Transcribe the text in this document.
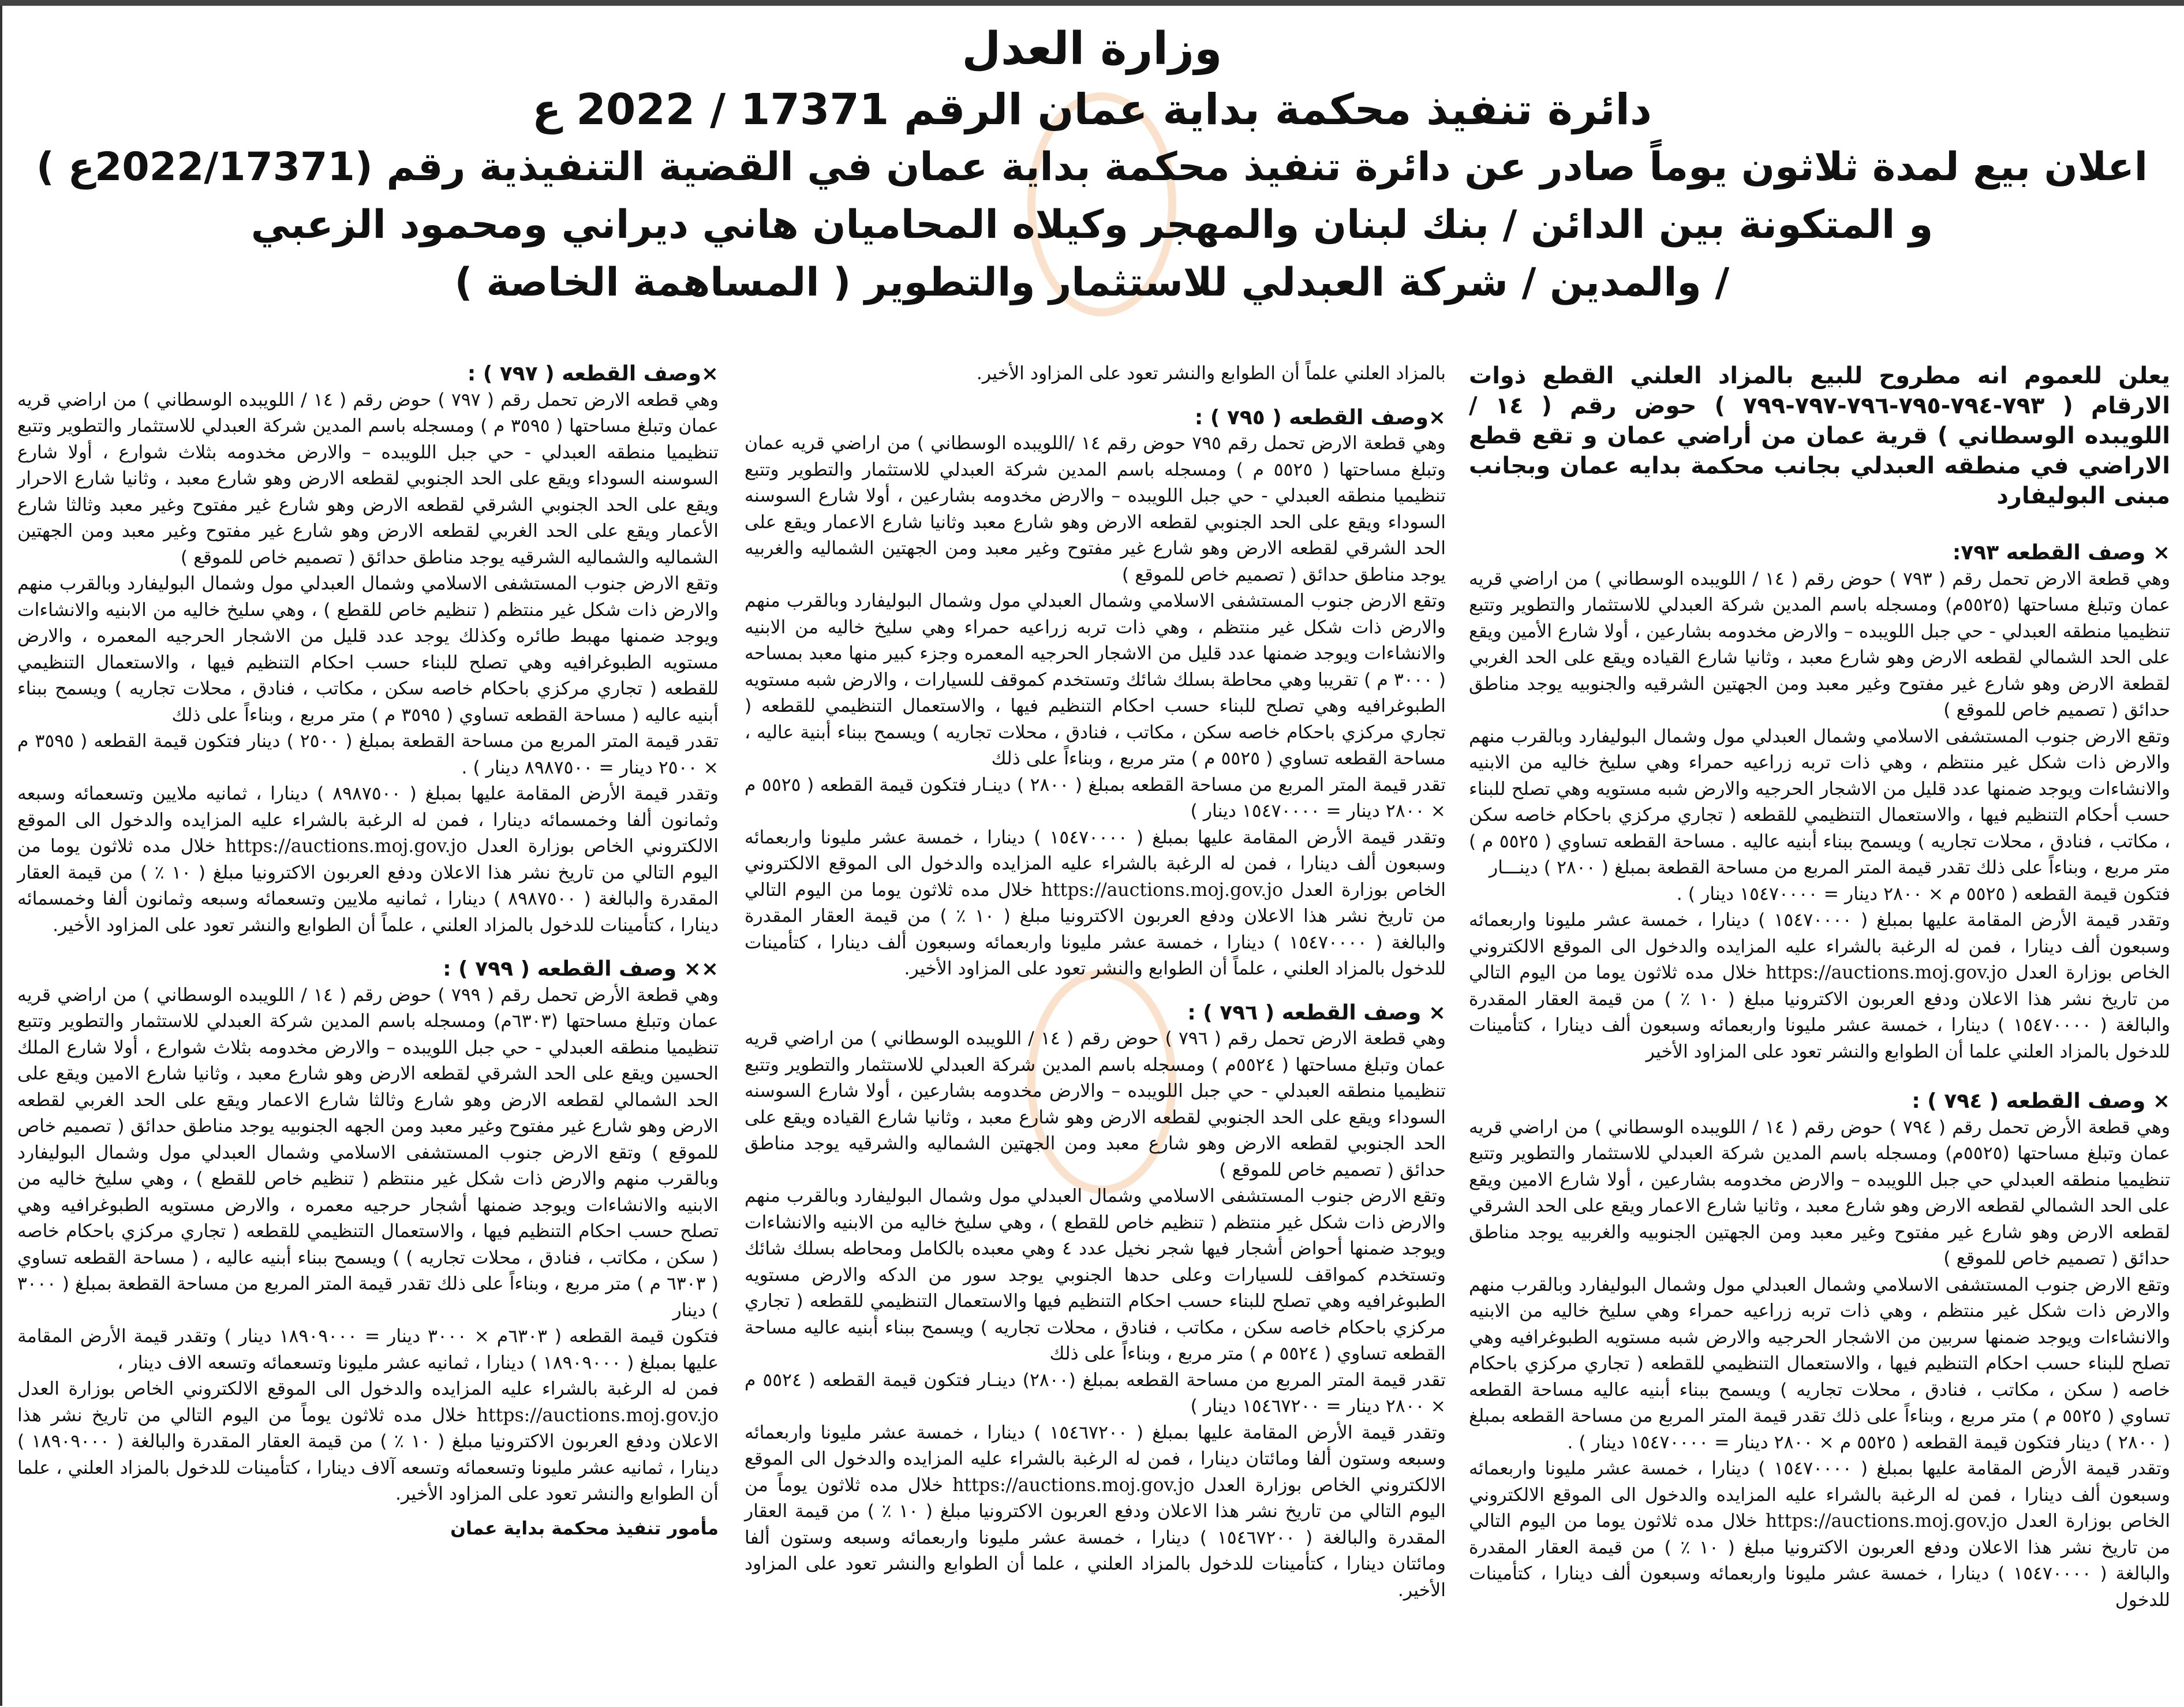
وزارة العدل
دائرة تنفيذ محكمة بداية عمان الرقم 17371 / 2022 ع
اعلان بيع لمدة ثلاثون يوماً صادر عن دائرة تنفيذ محكمة بداية عمان في القضية التنفيذية رقم (2022/17371ع )
و المتكونة بين الدائن / بنك لبنان والمهجر وكيلاه المحاميان هاني ديراني ومحمود الزعبي
/ والمدين / شركة العبدلي للاستثمار والتطوير ( المساهمة الخاصة )

يعلن للعموم انه مطروح للبيع بالمزاد العلني القطع ذوات الارقام ( ٧٩٣-٧٩٤-٧٩٥-٧٩٦-٧٩٧-٧٩٩ ) حوض رقم ( ١٤ / اللويبده الوسطاني ) قرية عمان من أراضي عمان و تقع قطع الاراضي في منطقه العبدلي بجانب محكمة بدايه عمان وبجانب مبنى البوليفارد

× وصف القطعه ٧٩٣:

وهي قطعة الارض تحمل رقم ( ٧٩٣ ) حوض رقم ( ١٤ / اللويبده الوسطاني ) من اراضي قريه عمان وتبلغ مساحتها (٥٥٢٥م) ومسجله باسم المدين شركة العبدلي للاستثمار والتطوير وتتبع تنظيميا منطقه العبدلي - حي جبل اللويبده – والارض مخدومه بشارعين ، أولا شارع الأمين ويقع على الحد الشمالي لقطعه الارض وهو شارع معبد ، وثانيا شارع القياده ويقع على الحد الغربي لقطعة الارض وهو شارع غير مفتوح وغير معبد ومن الجهتين الشرقيه والجنوبيه يوجد مناطق حدائق ( تصميم خاص للموقع )

وتقع الارض جنوب المستشفى الاسلامي وشمال العبدلي مول وشمال البوليفارد وبالقرب منهم والارض ذات شكل غير منتظم ، وهي ذات تربه زراعيه حمراء وهي سليخ خاليه من الابنيه والانشاءات ويوجد ضمنها عدد قليل من الاشجار الحرجيه والارض شبه مستويه وهي تصلح للبناء حسب أحكام التنظيم فيها ، والاستعمال التنظيمي للقطعه ( تجاري مركزي باحكام خاصه سكن ، مكاتب ، فنادق ، محلات تجاريه ) ويسمح ببناء أبنيه عاليه . مساحة القطعه تساوي ( ٥٥٢٥ م ) متر مربع ، وبناءاً على ذلك تقدر قيمة المتر المربع من مساحة القطعة بمبلغ ( ٢٨٠٠ ) دينـــار

فتكون قيمة القطعه ( ٥٥٢٥ م × ٢٨٠٠ دينار = ١٥٤٧٠٠٠٠ دينار ) .

وتقدر قيمة الأرض المقامة عليها بمبلغ ( ١٥٤٧٠٠٠٠ ) دينارا ، خمسة عشر مليونا واربعمائه وسبعون ألف دينارا ، فمن له الرغبة بالشراء عليه المزايده والدخول الى الموقع الالكتروني الخاص بوزارة العدل https://auctions.moj.gov.jo خلال مده ثلاثون يوما من اليوم التالي من تاريخ نشر هذا الاعلان ودفع العربون الاكترونيا مبلغ ( ١٠ ٪ ) من قيمة العقار المقدرة والبالغة ( ١٥٤٧٠٠٠٠ ) دينارا ، خمسة عشر مليونا واربعمائه وسبعون ألف دينارا ، كتأمينات للدخول بالمزاد العلني علما أن الطوابع والنشر تعود على المزاود الأخير

× وصف القطعه ( ٧٩٤ ) :

وهي قطعة الأرض تحمل رقم ( ٧٩٤ ) حوض رقم ( ١٤ / اللويبده الوسطاني ) من اراضي قريه عمان وتبلغ مساحتها (٥٥٢٥م) ومسجله باسم المدين شركة العبدلي للاستثمار والتطوير وتتبع تنظيميا منطقه العبدلي حي جبل اللويبده – والارض مخدومه بشارعين ، أولا شارع الامين ويقع على الحد الشمالي لقطعه الارض وهو شارع معبد ، وثانيا شارع الاعمار ويقع على الحد الشرقي لقطعه الارض وهو شارع غير مفتوح وغير معبد ومن الجهتين الجنوبيه والغربيه يوجد مناطق حدائق ( تصميم خاص للموقع )

وتقع الارض جنوب المستشفى الاسلامي وشمال العبدلي مول وشمال البوليفارد وبالقرب منهم والارض ذات شكل غير منتظم ، وهي ذات تربه زراعيه حمراء وهي سليخ خاليه من الابنيه والانشاءات ويوجد ضمنها سربين من الاشجار الحرجيه والارض شبه مستويه الطبوغرافيه وهي تصلح للبناء حسب احكام التنظيم فيها ، والاستعمال التنظيمي للقطعه ( تجاري مركزي باحكام خاصه ( سكن ، مكاتب ، فنادق ، محلات تجاريه ) ويسمح ببناء أبنيه عاليه مساحة القطعه تساوي ( ٥٥٢٥ م ) متر مربع ، وبناءاً على ذلك تقدر قيمة المتر المربع من مساحة القطعه بمبلغ ( ٢٨٠٠ ) دينار فتكون قيمة القطعه ( ٥٥٢٥ م × ٢٨٠٠ دينار = ١٥٤٧٠٠٠٠ دينار ) .

وتقدر قيمة الأرض المقامة عليها بمبلغ ( ١٥٤٧٠٠٠٠ ) دينارا ، خمسة عشر مليونا واربعمائه وسبعون ألف دينارا ، فمن له الرغبة بالشراء عليه المزايده والدخول الى الموقع الالكتروني الخاص بوزارة العدل https://auctions.moj.gov.jo خلال مده ثلاثون يوما من اليوم التالي من تاريخ نشر هذا الاعلان ودفع العربون الاكترونيا مبلغ ( ١٠ ٪ ) من قيمة العقار المقدرة والبالغة ( ١٥٤٧٠٠٠٠ ) دينارا ، خمسة عشر مليونا واربعمائه وسبعون ألف دينارا ، كتأمينات للدخول

بالمزاد العلني علماً أن الطوابع والنشر تعود على المزاود الأخير.

×وصف القطعه ( ٧٩٥ ) :

وهي قطعة الارض تحمل رقم ٧٩٥ حوض رقم ١٤ /اللويبده الوسطاني ) من اراضي قريه عمان وتبلغ مساحتها ( ٥٥٢٥ م ) ومسجله باسم المدين شركة العبدلي للاستثمار والتطوير وتتبع تنظيميا منطقه العبدلي - حي جبل اللويبده – والارض مخدومه بشارعين ، أولا شارع السوسنه السوداء ويقع على الحد الجنوبي لقطعه الارض وهو شارع معبد وثانيا شارع الاعمار ويقع على الحد الشرقي لقطعه الارض وهو شارع غير مفتوح وغير معبد ومن الجهتين الشماليه والغربيه يوجد مناطق حدائق ( تصميم خاص للموقع )

وتقع الارض جنوب المستشفى الاسلامي وشمال العبدلي مول وشمال البوليفارد وبالقرب منهم والارض ذات شكل غير منتظم ، وهي ذات تربه زراعيه حمراء وهي سليخ خاليه من الابنيه والانشاءات ويوجد ضمنها عدد قليل من الاشجار الحرجيه المعمره وجزء كبير منها معبد بمساحه ( ٣٠٠٠ م ) تقريبا وهي محاطة بسلك شائك وتستخدم كموقف للسيارات ، والارض شبه مستويه الطبوغرافيه وهي تصلح للبناء حسب احكام التنظيم فيها ، والاستعمال التنظيمي للقطعه ( تجاري مركزي باحكام خاصه سكن ، مكاتب ، فنادق ، محلات تجاريه ) ويسمح ببناء أبنية عاليه ، مساحة القطعه تساوي ( ٥٥٢٥ م ) متر مربع ، وبناءاً على ذلك

تقدر قيمة المتر المربع من مساحة القطعه بمبلغ ( ٢٨٠٠ ) دينـار فتكون قيمة القطعه ( ٥٥٢٥ م × ٢٨٠٠ دينار = ١٥٤٧٠٠٠٠ دينار )

وتقدر قيمة الأرض المقامة عليها بمبلغ ( ١٥٤٧٠٠٠٠ ) دينارا ، خمسة عشر مليونا واربعمائه وسبعون ألف دينارا ، فمن له الرغبة بالشراء عليه المزايده والدخول الى الموقع الالكتروني الخاص بوزارة العدل https://auctions.moj.gov.jo خلال مده ثلاثون يوما من اليوم التالي من تاريخ نشر هذا الاعلان ودفع العربون الاكترونيا مبلغ ( ١٠ ٪ ) من قيمة العقار المقدرة والبالغة ( ١٥٤٧٠٠٠٠ ) دينارا ، خمسة عشر مليونا واربعمائه وسبعون ألف دينارا ، كتأمينات للدخول بالمزاد العلني ، علماً أن الطوابع والنشر تعود على المزاود الأخير.

× وصف القطعه ( ٧٩٦ ) :

وهي قطعة الارض تحمل رقم ( ٧٩٦ ) حوض رقم ( ١٤ / اللويبده الوسطاني ) من اراضي قريه عمان وتبلغ مساحتها ( ٥٥٢٤م ) ومسجله باسم المدين شركة العبدلي للاستثمار والتطوير وتتبع تنظيميا منطقه العبدلي - حي جبل اللويبده – والارض مخدومه بشارعين ، أولا شارع السوسنه السوداء ويقع على الحد الجنوبي لقطعه الارض وهو شارع معبد ، وثانيا شارع القياده ويقع على الحد الجنوبي لقطعه الارض وهو شارع معبد ومن الجهتين الشماليه والشرقيه يوجد مناطق حدائق ( تصميم خاص للموقع )

وتقع الارض جنوب المستشفى الاسلامي وشمال العبدلي مول وشمال البوليفارد وبالقرب منهم والارض ذات شكل غير منتظم ( تنظيم خاص للقطع ) ، وهي سليخ خاليه من الابنيه والانشاءات ويوجد ضمنها أحواض أشجار فيها شجر نخيل عدد ٤ وهي معبده بالكامل ومحاطه بسلك شائك وتستخدم كمواقف للسيارات وعلى حدها الجنوبي يوجد سور من الدكه والارض مستويه الطبوغرافيه وهي تصلح للبناء حسب احكام التنظيم فيها والاستعمال التنظيمي للقطعه ( تجاري مركزي باحكام خاصه سكن ، مكاتب ، فنادق ، محلات تجاريه ) ويسمح ببناء أبنيه عاليه مساحة القطعه تساوي ( ٥٥٢٤ م ) متر مربع ، وبناءاً على ذلك

تقدر قيمة المتر المربع من مساحة القطعه بمبلغ (٢٨٠٠) دينـار فتكون قيمة القطعه ( ٥٥٢٤ م × ٢٨٠٠ دينار = ١٥٤٦٧٢٠٠ دينار )

وتقدر قيمة الأرض المقامة عليها بمبلغ ( ١٥٤٦٧٢٠٠ ) دينارا ، خمسة عشر مليونا واربعمائه وسبعه وستون ألفا ومائتان دينارا ، فمن له الرغبة بالشراء عليه المزايده والدخول الى الموقع الالكتروني الخاص بوزارة العدل https://auctions.moj.gov.jo خلال مده ثلاثون يوماً من اليوم التالي من تاريخ نشر هذا الاعلان ودفع العربون الاكترونيا مبلغ ( ١٠ ٪ ) من قيمة العقار المقدرة والبالغة ( ١٥٤٦٧٢٠٠ ) دينارا ، خمسة عشر مليونا واربعمائه وسبعه وستون ألفا ومائتان دينارا ، كتأمينات للدخول بالمزاد العلني ، علما أن الطوابع والنشر تعود على المزاود الأخير.

×وصف القطعه ( ٧٩٧ ) :

وهي قطعه الارض تحمل رقم ( ٧٩٧ ) حوض رقم ( ١٤ / اللويبده الوسطاني ) من اراضي قريه عمان وتبلغ مساحتها ( ٣٥٩٥ م ) ومسجله باسم المدين شركة العبدلي للاستثمار والتطوير وتتبع تنظيميا منطقه العبدلي - حي جبل اللويبده – والارض مخدومه بثلاث شوارع ، أولا شارع السوسنه السوداء ويقع على الحد الجنوبي لقطعه الارض وهو شارع معبد ، وثانيا شارع الاحرار ويقع على الحد الجنوبي الشرقي لقطعه الارض وهو شارع غير مفتوح وغير معبد وثالثا شارع الأعمار ويقع على الحد الغربي لقطعه الارض وهو شارع غير مفتوح وغير معبد ومن الجهتين الشماليه والشماليه الشرقيه يوجد مناطق حدائق ( تصميم خاص للموقع )

وتقع الارض جنوب المستشفى الاسلامي وشمال العبدلي مول وشمال البوليفارد وبالقرب منهم والارض ذات شكل غير منتظم ( تنظيم خاص للقطع ) ، وهي سليخ خاليه من الابنيه والانشاءات ويوجد ضمنها مهبط طائره وكذلك يوجد عدد قليل من الاشجار الحرجيه المعمره ، والارض مستويه الطبوغرافيه وهي تصلح للبناء حسب احكام التنظيم فيها ، والاستعمال التنظيمي للقطعه ( تجاري مركزي باحكام خاصه سكن ، مكاتب ، فنادق ، محلات تجاريه ) ويسمح ببناء أبنيه عاليه ( مساحة القطعه تساوي ( ٣٥٩٥ م ) متر مربع ، وبناءاً على ذلك

تقدر قيمة المتر المربع من مساحة القطعة بمبلغ ( ٢٥٠٠ ) دينار فتكون قيمة القطعه ( ٣٥٩٥ م × ٢٥٠٠ دينار = ٨٩٨٧٥٠٠ دينار ) .

وتقدر قيمة الأرض المقامة عليها بمبلغ ( ٨٩٨٧٥٠٠ ) دينارا ، ثمانيه ملايين وتسعمائه وسبعه وثمانون ألفا وخمسمائه دينارا ، فمن له الرغبة بالشراء عليه المزايده والدخول الى الموقع الالكتروني الخاص بوزارة العدل https://auctions.moj.gov.jo خلال مده ثلاثون يوما من اليوم التالي من تاريخ نشر هذا الاعلان ودفع العربون الاكترونيا مبلغ ( ١٠ ٪ ) من قيمة العقار المقدرة والبالغة ( ٨٩٨٧٥٠٠ ) دينارا ، ثمانيه ملايين وتسعمائه وسبعه وثمانون ألفا وخمسمائه دينارا ، كتأمينات للدخول بالمزاد العلني ، علماً أن الطوابع والنشر تعود على المزاود الأخير.

×× وصف القطعه ( ٧٩٩ ) :

وهي قطعة الأرض تحمل رقم ( ٧٩٩ ) حوض رقم ( ١٤ / اللويبده الوسطاني ) من اراضي قريه عمان وتبلغ مساحتها (٦٣٠٣م) ومسجله باسم المدين شركة العبدلي للاستثمار والتطوير وتتبع تنظيميا منطقه العبدلي - حي جبل اللويبده – والارض مخدومه بثلاث شوارع ، أولا شارع الملك الحسين ويقع على الحد الشرقي لقطعه الارض وهو شارع معبد ، وثانيا شارع الامين ويقع على الحد الشمالي لقطعه الارض وهو شارع وثالثا شارع الاعمار ويقع على الحد الغربي لقطعه الارض وهو شارع غير مفتوح وغير معبد ومن الجهه الجنوبيه يوجد مناطق حدائق ( تصميم خاص للموقع ) وتقع الارض جنوب المستشفى الاسلامي وشمال العبدلي مول وشمال البوليفارد وبالقرب منهم والارض ذات شكل غير منتظم ( تنظيم خاص للقطع ) ، وهي سليخ خاليه من الابنيه والانشاءات ويوجد ضمنها أشجار حرجيه معمره ، والارض مستويه الطبوغرافيه وهي تصلح حسب احكام التنظيم فيها ، والاستعمال التنظيمي للقطعه ( تجاري مركزي باحكام خاصه ( سكن ، مكاتب ، فنادق ، محلات تجاريه ) ) ويسمح ببناء أبنيه عاليه ، ( مساحة القطعه تساوي ( ٦٣٠٣ م ) متر مربع ، وبناءاً على ذلك تقدر قيمة المتر المربع من مساحة القطعة بمبلغ ( ٣٠٠٠ ) دينار

فتكون قيمة القطعه ( ٦٣٠٣م × ٣٠٠٠ دينار = ١٨٩٠٩٠٠٠ دينار ) وتقدر قيمة الأرض المقامة عليها بمبلغ ( ١٨٩٠٩٠٠٠ ) دينارا ، ثمانيه عشر مليونا وتسعمائه وتسعه الاف دينار ،

فمن له الرغبة بالشراء عليه المزايده والدخول الى الموقع الالكتروني الخاص بوزارة العدل https://auctions.moj.gov.jo خلال مده ثلاثون يوماً من اليوم التالي من تاريخ نشر هذا الاعلان ودفع العربون الاكترونيا مبلغ ( ١٠ ٪ ) من قيمة العقار المقدرة والبالغة ( ١٨٩٠٩٠٠٠ ) دينارا ، ثمانيه عشر مليونا وتسعمائه وتسعه آلاف دينارا ، كتأمينات للدخول بالمزاد العلني ، علما أن الطوابع والنشر تعود على المزاود الأخير.

مأمور تنفيذ محكمة بداية عمان
